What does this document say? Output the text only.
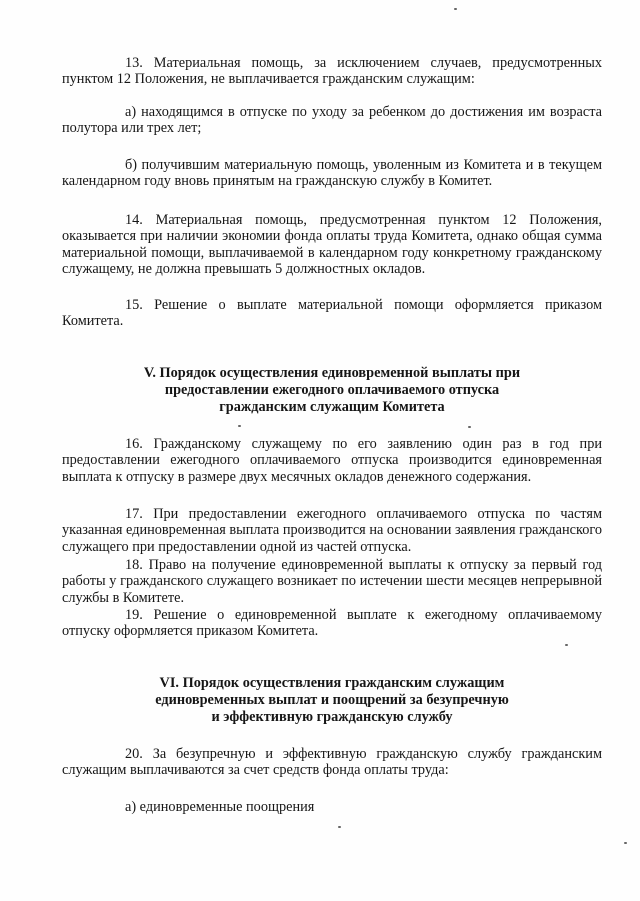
13. Материальная помощь, за исключением случаев, предусмотренных пунктом 12 Положения, не выплачивается гражданским служащим:

а) находящимся в отпуске по уходу за ребенком до достижения им возраста полутора или трех лет;

б) получившим материальную помощь, уволенным из Комитета и в текущем календарном году вновь принятым на гражданскую службу в Комитет.

14. Материальная помощь, предусмотренная пунктом 12 Положения, оказывается при наличии экономии фонда оплаты труда Комитета, однако общая сумма материальной помощи, выплачиваемой в календарном году конкретному гражданскому служащему, не должна превышать 5 должностных окладов.

15. Решение о выплате материальной помощи оформляется приказом Комитета.

V. Порядок осуществления единовременной выплаты при
предоставлении ежегодного оплачиваемого отпуска
гражданским служащим Комитета

16. Гражданскому служащему по его заявлению один раз в год при предоставлении ежегодного оплачиваемого отпуска производится единовременная выплата к отпуску в размере двух месячных окладов денежного содержания.

17. При предоставлении ежегодного оплачиваемого отпуска по частям указанная единовременная выплата производится на основании заявления гражданского служащего при предоставлении одной из частей отпуска.

18. Право на получение единовременной выплаты к отпуску за первый год работы у гражданского служащего возникает по истечении шести месяцев непрерывной службы в Комитете.

19. Решение о единовременной выплате к ежегодному оплачиваемому отпуску оформляется приказом Комитета.

VI. Порядок осуществления гражданским служащим
единовременных выплат и поощрений за безупречную
и эффективную гражданскую службу

20. За безупречную и эффективную гражданскую службу гражданским служащим выплачиваются за счет средств фонда оплаты труда:

а) единовременные поощрения
